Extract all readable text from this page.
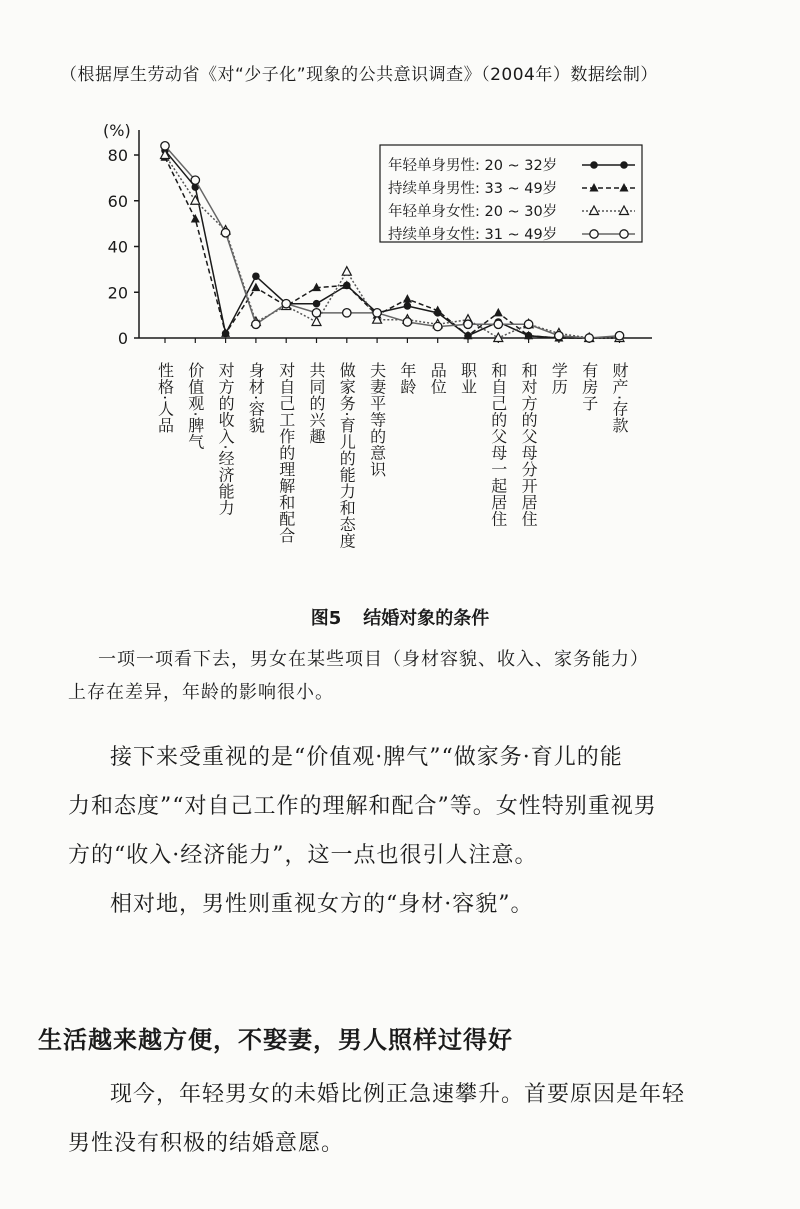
（根据厚生劳动省《对“少子化”现象的公共意识调查》（2004年）数据绘制）
(%)
0
20
40
60
80
性格·人品 价值观·脾气 对方的收入·经济能力 身材·容貌 对自己工作的理解和配合 共同的兴趣 做家务·育儿的能力和态度 夫妻平等的意识 年龄 品位 职业 和自己的父母一起居住 和对方的父母分开居住 学历 有房子 财产·存款
年轻单身男性: 20 ~ 32岁
持续单身男性: 33 ~ 49岁
年轻单身女性: 20 ~ 30岁
持续单身女性: 31 ~ 49岁
图5 结婚对象的条件

一项一项看下去，男女在某些项目（身材容貌、收入、家务能力）

上存在差异，年龄的影响很小。

接下来受重视的是“价值观·脾气”“做家务·育儿的能

力和态度”“对自己工作的理解和配合”等。女性特别重视男

方的“收入·经济能力”，这一点也很引人注意。

相对地，男性则重视女方的“身材·容貌”。

生活越来越方便，不娶妻，男人照样过得好

现今，年轻男女的未婚比例正急速攀升。首要原因是年轻

男性没有积极的结婚意愿。
